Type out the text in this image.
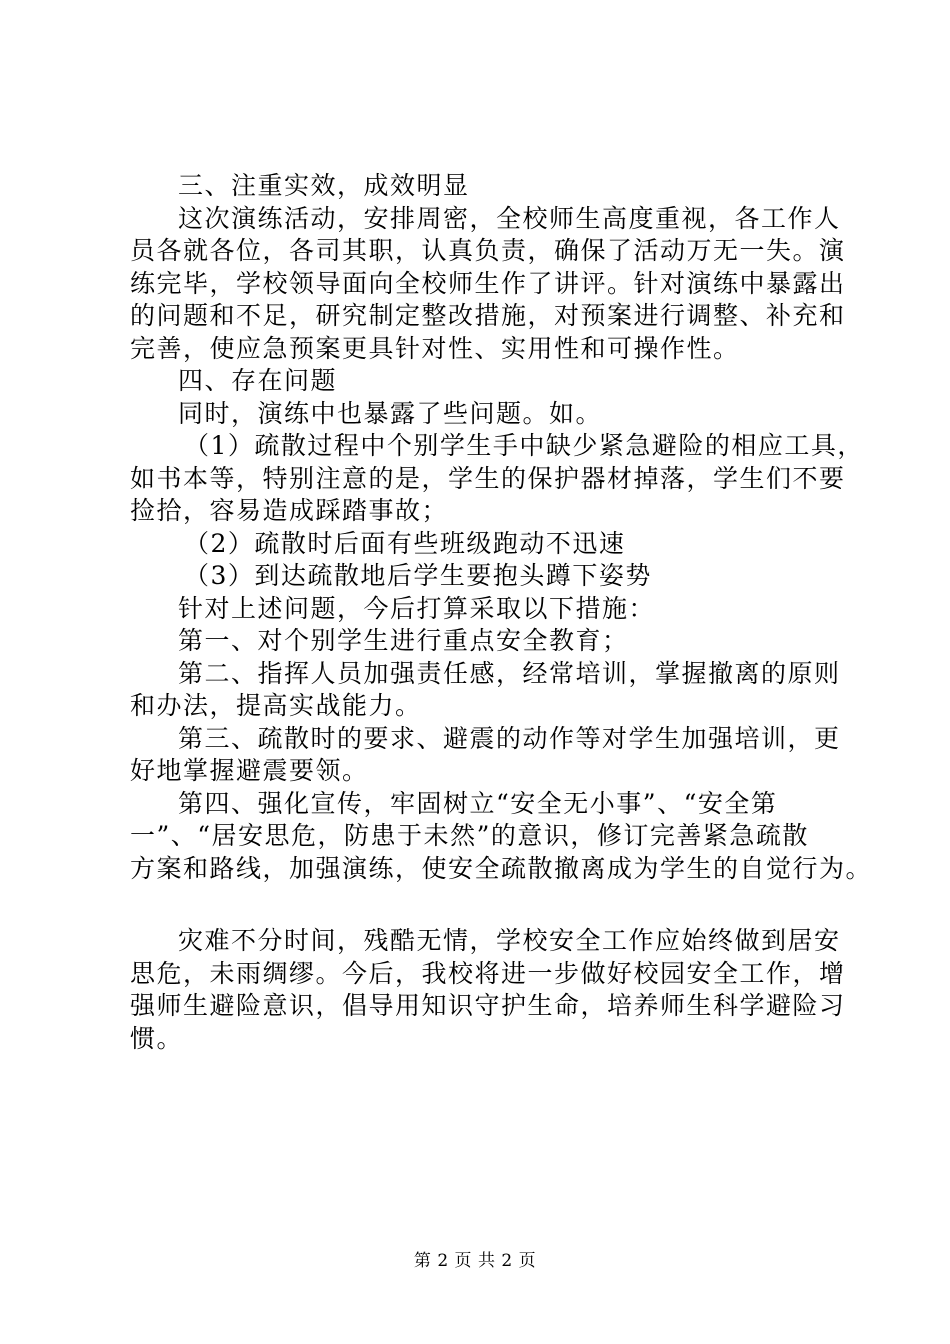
三、注重实效，成效明显
这次演练活动，安排周密，全校师生高度重视，各工作人
员各就各位，各司其职，认真负责，确保了活动万无一失。演
练完毕，学校领导面向全校师生作了讲评。针对演练中暴露出
的问题和不足，研究制定整改措施，对预案进行调整、补充和
完善，使应急预案更具针对性、实用性和可操作性。
四、存在问题
同时，演练中也暴露了些问题。如。
（1）疏散过程中个别学生手中缺少紧急避险的相应工具，
如书本等，特别注意的是，学生的保护器材掉落，学生们不要
捡拾，容易造成踩踏事故；
（2）疏散时后面有些班级跑动不迅速
（3）到达疏散地后学生要抱头蹲下姿势
针对上述问题，今后打算采取以下措施：
第一、对个别学生进行重点安全教育；
第二、指挥人员加强责任感，经常培训，掌握撤离的原则
和办法，提高实战能力。
第三、疏散时的要求、避震的动作等对学生加强培训，更
好地掌握避震要领。
第四、强化宣传，牢固树立“安全无小事”、“安全第
一”、“居安思危，防患于未然”的意识，修订完善紧急疏散
方案和路线，加强演练，使安全疏散撤离成为学生的自觉行为。
灾难不分时间，残酷无情，学校安全工作应始终做到居安
思危，未雨绸缪。今后，我校将进一步做好校园安全工作，增
强师生避险意识，倡导用知识守护生命，培养师生科学避险习
惯。
第 2 页 共 2 页
